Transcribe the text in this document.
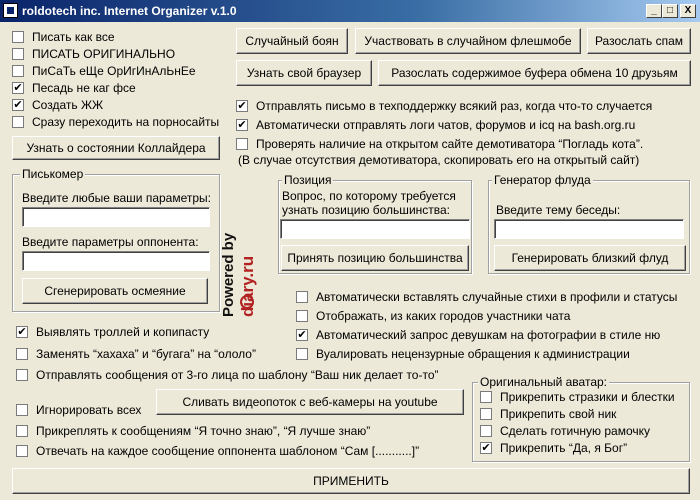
roldotech inc. Internet Organizer v.1.0	_	□	X
Писать как все
ПИСАТЬ ОРИГИНАЛЬНО
ПиСаТь еЩе ОрИгИнАлЬнЕе
✔ Песадь не каг фсе
✔ Создать ЖЖ
Сразу переходить на порносайты
Узнать о состоянии Коллайдера
Случайный боян	Участвовать в случайном флешмобе	Разослать спам
Узнать свой браузер	Разослать содержимое буфера обмена 10 друзьям
✔ Отправлять письмо в техподдержку всякий раз, когда что-то случается
✔ Автоматически отправлять логи чатов, форумов и icq на bash.org.ru
Проверять наличие на открытом сайте демотиватора “Погладь кота”.
(В случае отсутствия демотиватора, скопировать его на открытый сайт)
Писькомер
Введите любые ваши параметры:
Введите параметры оппонента:
Сгенерировать осмеяние	Powered by diary.ru
Позиция
Вопрос, по которому требуется
узнать позицию большинства:
Принять позицию большинства
Генератор флуда
Введите тему беседы:
Генерировать близкий флуд
Автоматически вставлять случайные стихи в профили и статусы
Отображать, из каких городов участники чата
✔ Автоматический запрос девушкам на фотографии в стиле ню
Вуалировать нецензурные обращения к администрации
✔ Выявлять троллей и копипасту
Заменять “хахаха” и “бугага” на “ололо”
Отправлять сообщения от 3-го лица по шаблону “Ваш ник делает то-то”
Игнорировать всех
Сливать видеопоток с веб-камеры на youtube
Прикреплять к сообщениям “Я точно знаю”, “Я лучше знаю”
Отвечать на каждое сообщение оппонента шаблоном “Сам [...........]”
Оригинальный аватар:
Прикрепить стразики и блестки
Прикрепить свой ник
Сделать готичную рамочку
✔ Прикрепить “Да, я Бог”
ПРИМЕНИТЬ
